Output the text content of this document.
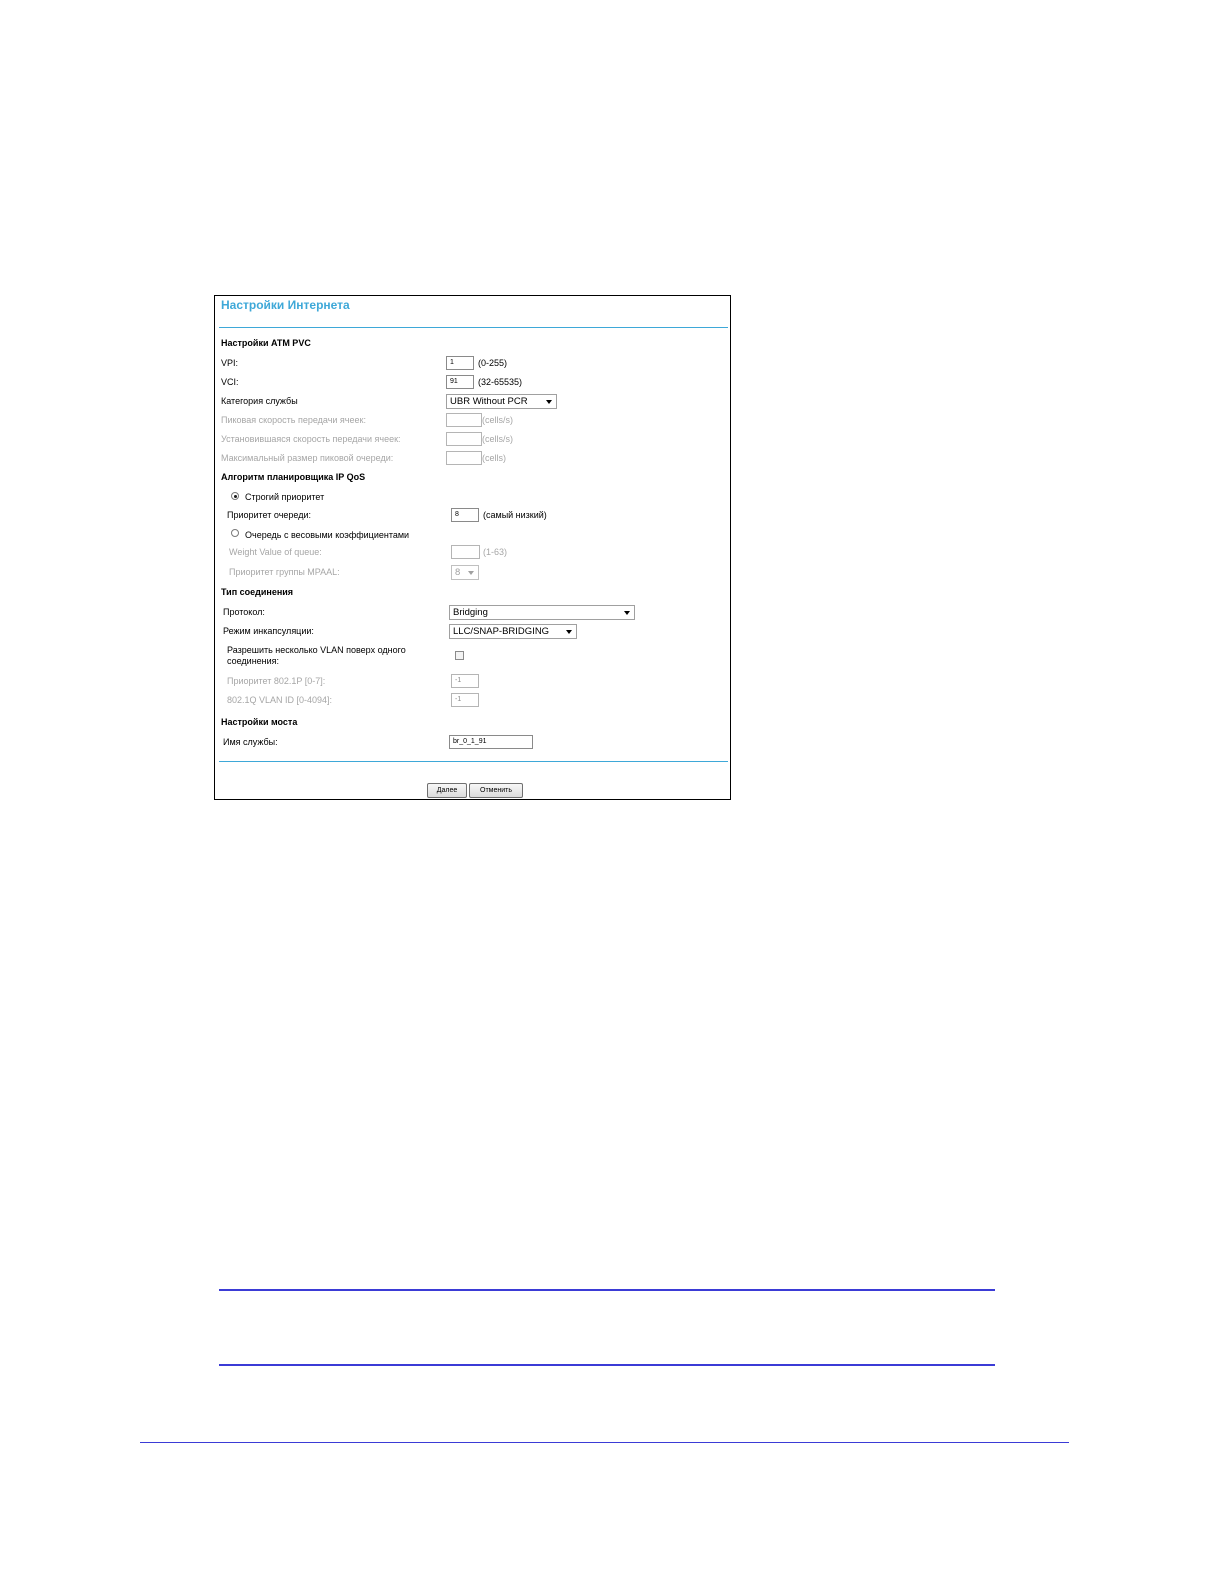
Настройки Интернета
Настройки ATM PVC
VPI:	1	(0-255)
VCI:	91	(32-65535)
Категория службы	UBR Without PCR
Пиковая скорость передачи ячеек:	(cells/s)
Установившаяся скорость передачи ячеек:	(cells/s)
Максимальный размер пиковой очереди:	(cells)
Алгоритм планировщика IP QoS
Строгий приоритет
Приоритет очереди:	8	(самый низкий)
Очередь с весовыми коэффициентами
Weight Value of queue:	(1-63)
Приоритет группы MPAAL:	8
Тип соединения
Протокол:	Bridging
Режим инкапсуляции:	LLC/SNAP-BRIDGING
Разрешить несколько VLAN поверх одного
соединения:
Приоритет 802.1P [0-7]:	-1
802.1Q VLAN ID [0-4094]:	-1
Настройки моста
Имя службы:	br_0_1_91
Далее	Отменить
